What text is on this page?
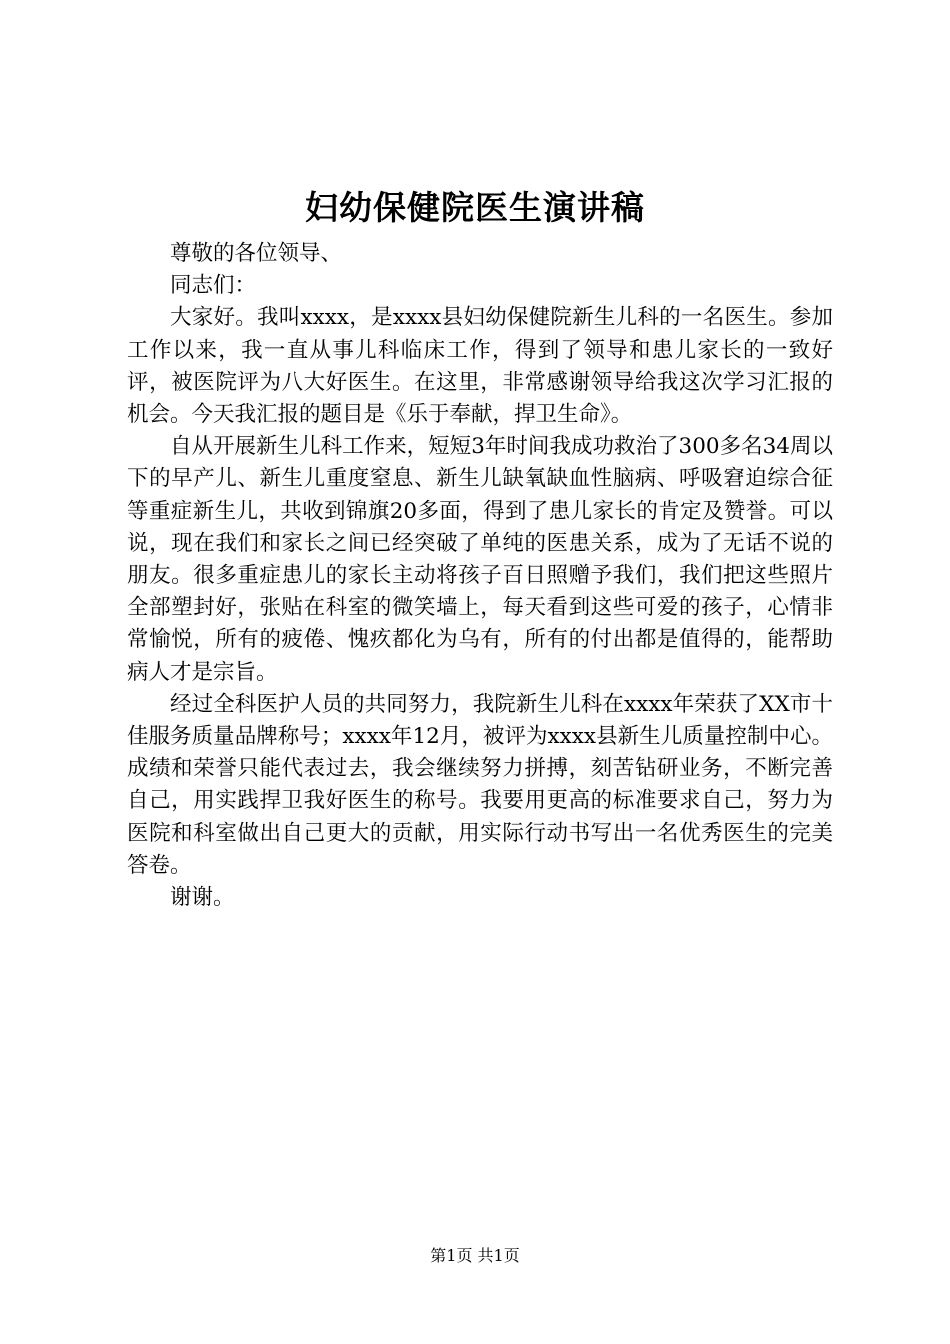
妇幼保健院医生演讲稿

尊敬的各位领导、

同志们：

大家好。我叫xxxx，是xxxx县妇幼保健院新生儿科的一名医生。参加工作以来，我一直从事儿科临床工作，得到了领导和患儿家长的一致好评，被医院评为八大好医生。在这里，非常感谢领导给我这次学习汇报的机会。今天我汇报的题目是《乐于奉献，捍卫生命》。

自从开展新生儿科工作来，短短3年时间我成功救治了300多名34周以下的早产儿、新生儿重度窒息、新生儿缺氧缺血性脑病、呼吸窘迫综合征等重症新生儿，共收到锦旗20多面，得到了患儿家长的肯定及赞誉。可以说，现在我们和家长之间已经突破了单纯的医患关系，成为了无话不说的朋友。很多重症患儿的家长主动将孩子百日照赠予我们，我们把这些照片全部塑封好，张贴在科室的微笑墙上，每天看到这些可爱的孩子，心情非常愉悦，所有的疲倦、愧疚都化为乌有，所有的付出都是值得的，能帮助病人才是宗旨。

经过全科医护人员的共同努力，我院新生儿科在xxxx年荣获了XX市十佳服务质量品牌称号；xxxx年12月，被评为xxxx县新生儿质量控制中心。成绩和荣誉只能代表过去，我会继续努力拼搏，刻苦钻研业务，不断完善自己，用实践捍卫我好医生的称号。我要用更高的标准要求自己，努力为医院和科室做出自己更大的贡献，用实际行动书写出一名优秀医生的完美答卷。

谢谢。

第1页 共1页
